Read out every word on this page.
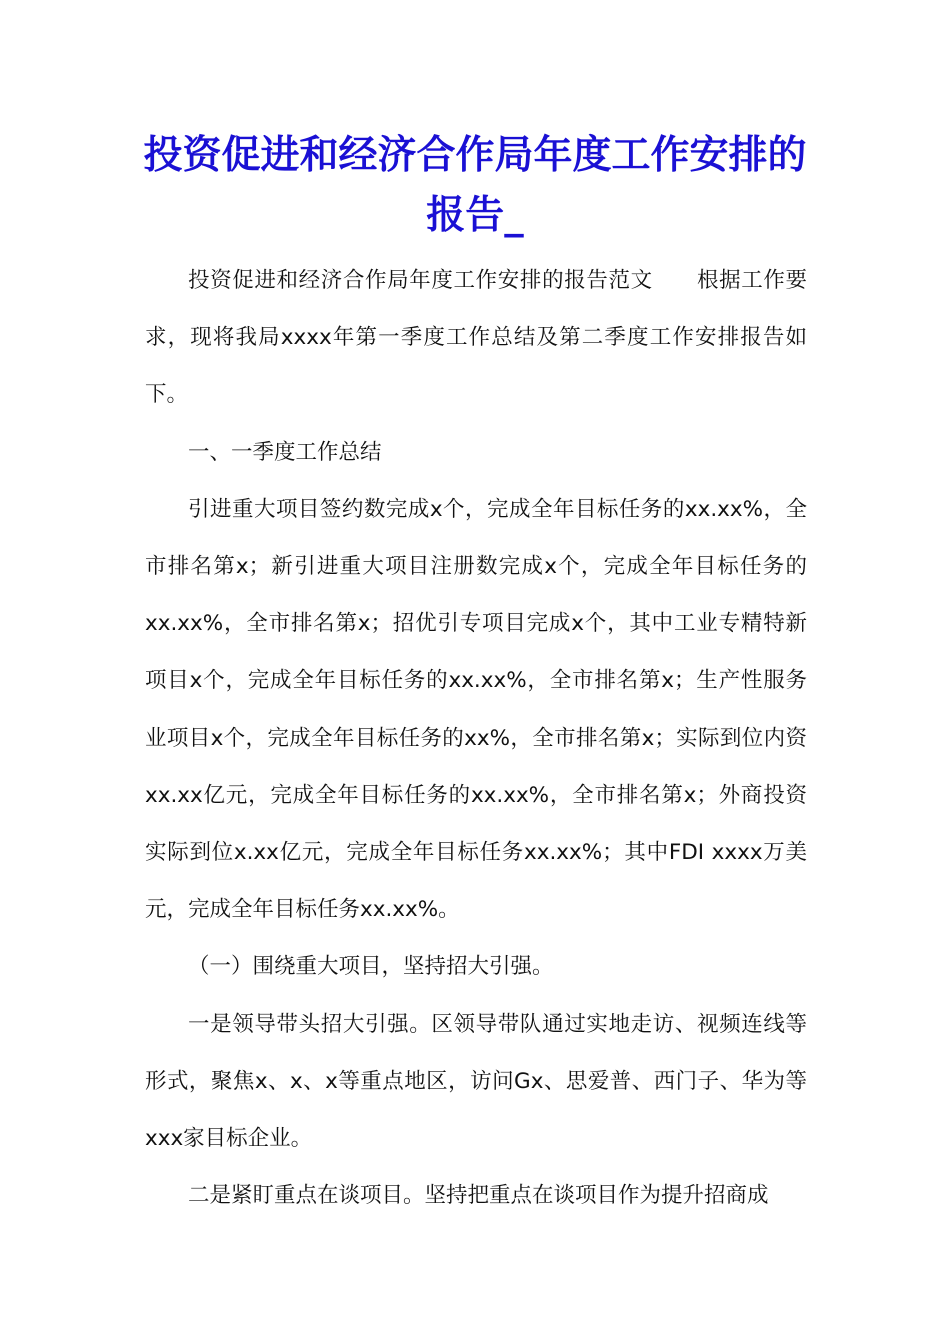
投资促进和经济合作局年度工作安排的报告_

投资促进和经济合作局年度工作安排的报告范文　　根据工作要求，现将我局xxxx年第一季度工作总结及第二季度工作安排报告如下。

一、一季度工作总结

引进重大项目签约数完成x个，完成全年目标任务的xx.xx%，全市排名第x；新引进重大项目注册数完成x个，完成全年目标任务的xx.xx%，全市排名第x；招优引专项目完成x个，其中工业专精特新项目x个，完成全年目标任务的xx.xx%，全市排名第x；生产性服务业项目x个，完成全年目标任务的xx%，全市排名第x；实际到位内资xx.xx亿元，完成全年目标任务的xx.xx%，全市排名第x；外商投资实际到位x.xx亿元，完成全年目标任务xx.xx%；其中FDI xxxx万美元，完成全年目标任务xx.xx%。

（一）围绕重大项目，坚持招大引强。

一是领导带头招大引强。区领导带队通过实地走访、视频连线等形式，聚焦x、x、x等重点地区，访问Gx、思爱普、西门子、华为等xxx家目标企业。

二是紧盯重点在谈项目。坚持把重点在谈项目作为提升招商成
